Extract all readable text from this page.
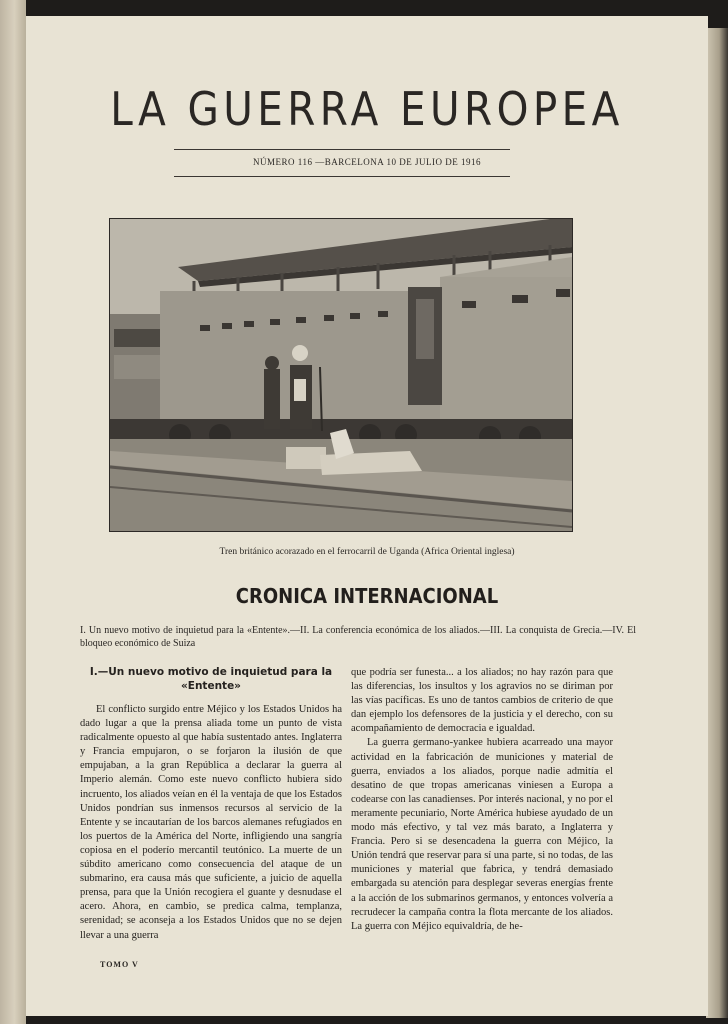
LA GUERRA EUROPEA
NÚMERO 116 —BARCELONA 10 DE JULIO DE 1916
Tren británico acorazado en el ferrocarril de Uganda (Africa Oriental inglesa)
CRONICA INTERNACIONAL
I. Un nuevo motivo de inquietud para la «Entente».—II. La conferencia económica de los aliados.—III. La conquista de Grecia.—IV. El bloqueo económico de Suiza
I.—Un nuevo motivo de inquietud para la «Entente»

El conflicto surgido entre Méjico y los Estados Unidos ha dado lugar a que la prensa aliada tome un punto de vista radicalmente opuesto al que había sustentado antes. Inglaterra y Francia empujaron, o se forjaron la ilusión de que empujaban, a la gran República a declarar la guerra al Imperio alemán. Como este nuevo conflicto hubiera sido incruento, los aliados veían en él la ventaja de que los Estados Unidos pondrían sus inmensos recursos al servicio de la Entente y se incautarían de los barcos alemanes refugiados en los puertos de la América del Norte, infligiendo una sangría copiosa en el poderío mercantil teutónico. La muerte de un súbdito americano como consecuencia del ataque de un submarino, era causa más que suficiente, a juicio de aquella prensa, para que la Unión recogiera el guante y desnudase el acero. Ahora, en cambio, se predica calma, templanza, serenidad; se aconseja a los Estados Unidos que no se dejen llevar a una guerra

que podría ser funesta... a los aliados; no hay razón para que las diferencias, los insultos y los agravios no se diriman por las vías pacíficas. Es uno de tantos cambios de criterio de que dan ejemplo los defensores de la justicia y el derecho, con su acompañamiento de democracia e igualdad.

La guerra germano-yankee hubiera acarreado una mayor actividad en la fabricación de municiones y material de guerra, enviados a los aliados, porque nadie admitía el desatino de que tropas americanas viniesen a Europa a codearse con las canadienses. Por interés nacional, y no por el meramente pecuniario, Norte América hubiese ayudado de un modo más efectivo, y tal vez más barato, a Inglaterra y Francia. Pero si se desencadena la guerra con Méjico, la Unión tendrá que reservar para sí una parte, si no todas, de las municiones y material que fabrica, y tendrá demasiado embargada su atención para desplegar severas energías frente a la acción de los submarinos germanos, y entonces volvería a recrudecer la campaña contra la flota mercante de los aliados. La guerra con Méjico equivaldría, de he-

TOMO V
